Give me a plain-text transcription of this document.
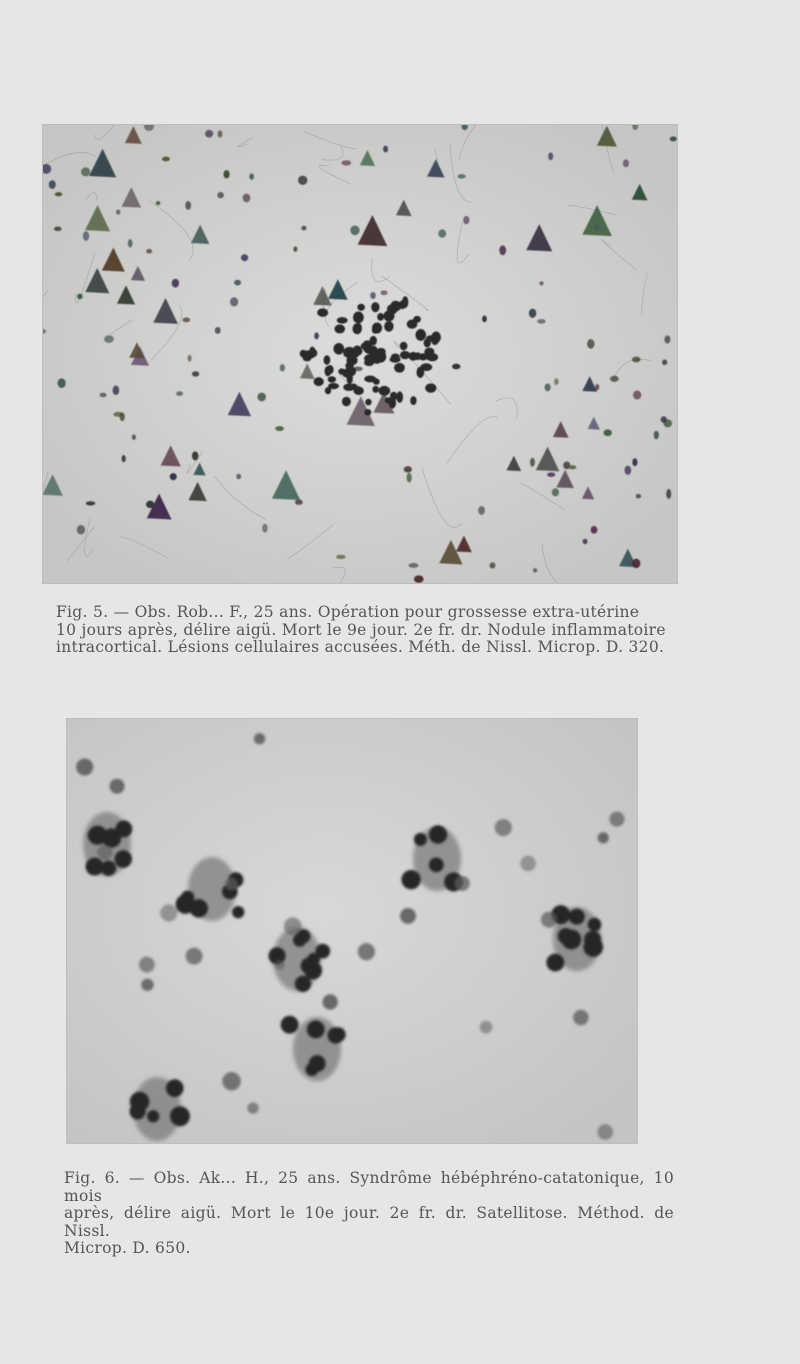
Fig. 5. — Obs. Rob... F., 25 ans. Opération pour grossesse extra-utérine

10 jours après, délire aigü. Mort le 9e jour. 2e fr. dr. Nodule inflammatoire

intracortical. Lésions cellulaires accusées. Méth. de Nissl. Microp. D. 320.

Fig. 6. — Obs. Ak... H., 25 ans. Syndrôme hébéphréno-catatonique, 10 mois

après, délire aigü. Mort le 10e jour. 2e fr. dr. Satellitose. Méthod. de Nissl.

Microp. D. 650.
